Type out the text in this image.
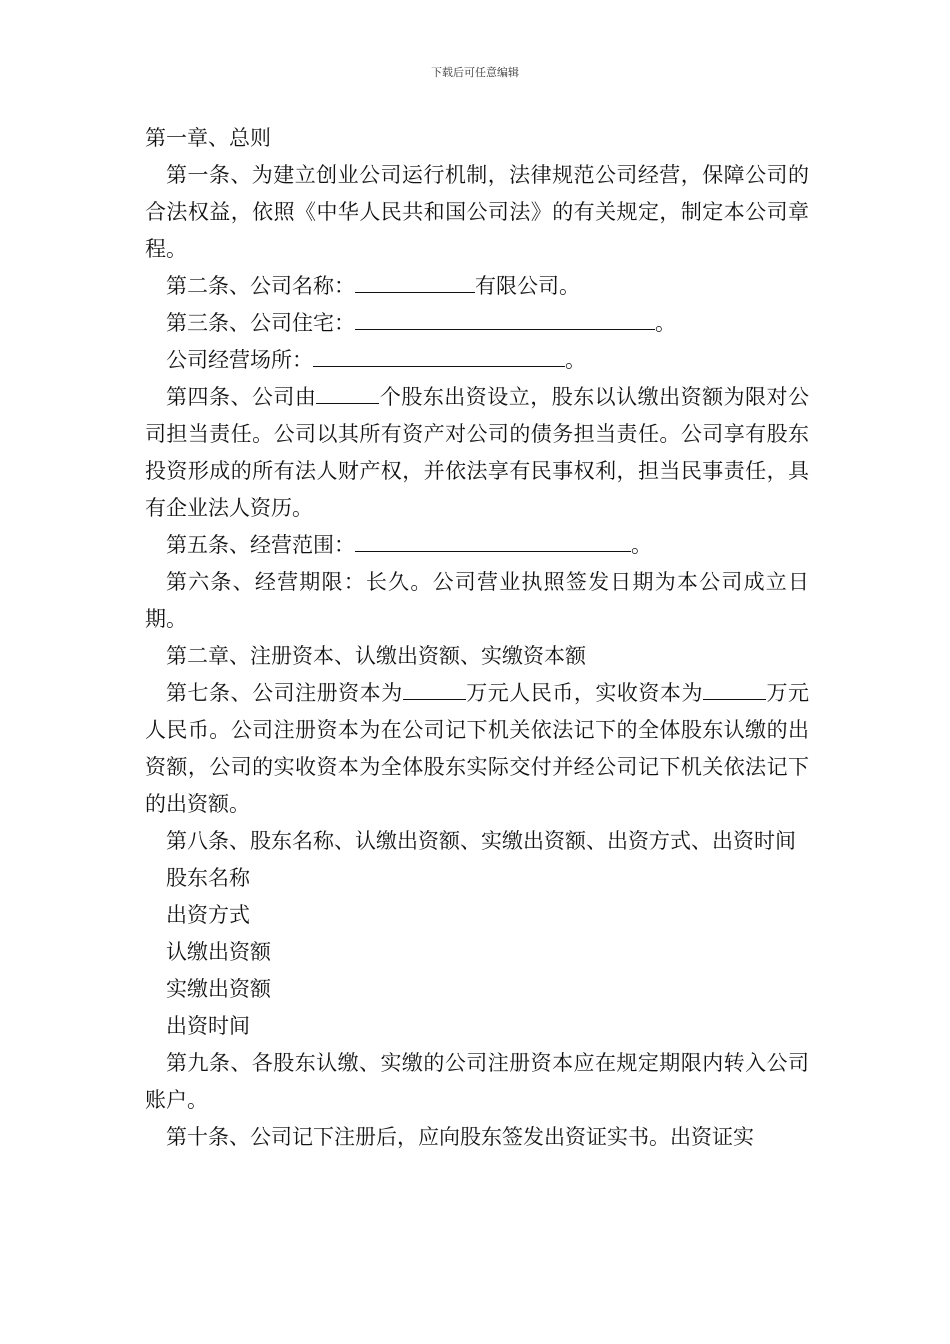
下载后可任意编辑

第一章、总则

第一条、为建立创业公司运行机制，法律规范公司经营，保障公司的合法权益，依照《中华人民共和国公司法》的有关规定，制定本公司章程。

第二条、公司名称：	有限公司。

第三条、公司住宅：	。

公司经营场所：	。

第四条、公司由	个股东出资设立，股东以认缴出资额为限对公司担当责任。公司以其所有资产对公司的债务担当责任。公司享有股东投资形成的所有法人财产权，并依法享有民事权利，担当民事责任，具有企业法人资历。

第五条、经营范围：	。

第六条、经营期限：长久。公司营业执照签发日期为本公司成立日期。

第二章、注册资本、认缴出资额、实缴资本额

第七条、公司注册资本为	万元人民币，实收资本为	万元人民币。公司注册资本为在公司记下机关依法记下的全体股东认缴的出资额，公司的实收资本为全体股东实际交付并经公司记下机关依法记下的出资额。

第八条、股东名称、认缴出资额、实缴出资额、出资方式、出资时间

股东名称

出资方式

认缴出资额

实缴出资额

出资时间

第九条、各股东认缴、实缴的公司注册资本应在规定期限内转入公司账户。

第十条、公司记下注册后，应向股东签发出资证实书。出资证实
